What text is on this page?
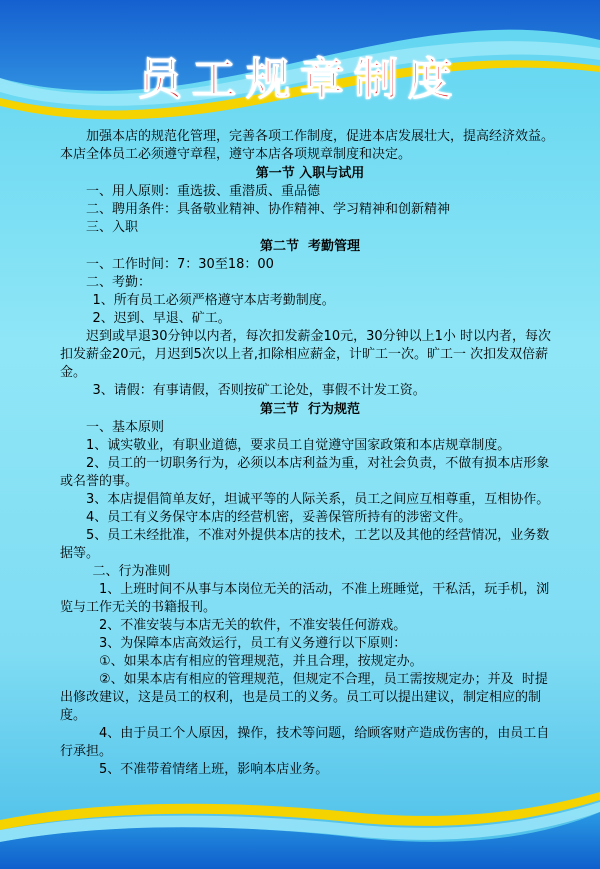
员工规章制度

加强本店的规范化管理，完善各项工作制度，促进本店发展壮大，提高经济效益。本店全体员工必须遵守章程，遵守本店各项规章制度和决定。

第一节 入职与试用

一、用人原则：重选拔、重潜质、重品德

二、聘用条件：具备敬业精神、协作精神、学习精神和创新精神

三、入职

第二节  考勤管理

一、工作时间：7：30至18：00

二、考勤：

1、所有员工必须严格遵守本店考勤制度。

2、迟到、早退、矿工。

迟到或早退30分钟以内者，每次扣发薪金10元，30分钟以上1小 时以内者，每次扣发薪金20元，月迟到5次以上者,扣除相应薪金，计旷工一次。旷工一 次扣发双倍薪金。

3、请假：有事请假，否则按矿工论处，事假不计发工资。

第三节  行为规范

一、基本原则

1、诚实敬业，有职业道德，要求员工自觉遵守国家政策和本店规章制度。

2、员工的一切职务行为，必须以本店利益为重，对社会负责，不做有损本店形象或名誉的事。

3、本店提倡简单友好，坦诚平等的人际关系，员工之间应互相尊重，互相协作。

4、员工有义务保守本店的经营机密，妥善保管所持有的涉密文件。

5、员工未经批准，不准对外提供本店的技术，工艺以及其他的经营情况，业务数据等。

二、行为准则

1、上班时间不从事与本岗位无关的活动，不准上班睡觉，干私活，玩手机，浏览与工作无关的书籍报刊。

2、不准安装与本店无关的软件，不准安装任何游戏。

3、为保障本店高效运行，员工有义务遵行以下原则：

①、如果本店有相应的管理规范，并且合理，按规定办。

②、如果本店有相应的管理规范，但规定不合理，员工需按规定办；并及  时提出修改建议，这是员工的权利，也是员工的义务。员工可以提出建议，制定相应的制度。

4、由于员工个人原因，操作，技术等问题，给顾客财产造成伤害的，由员工自行承担。

5、不准带着情绪上班，影响本店业务。
